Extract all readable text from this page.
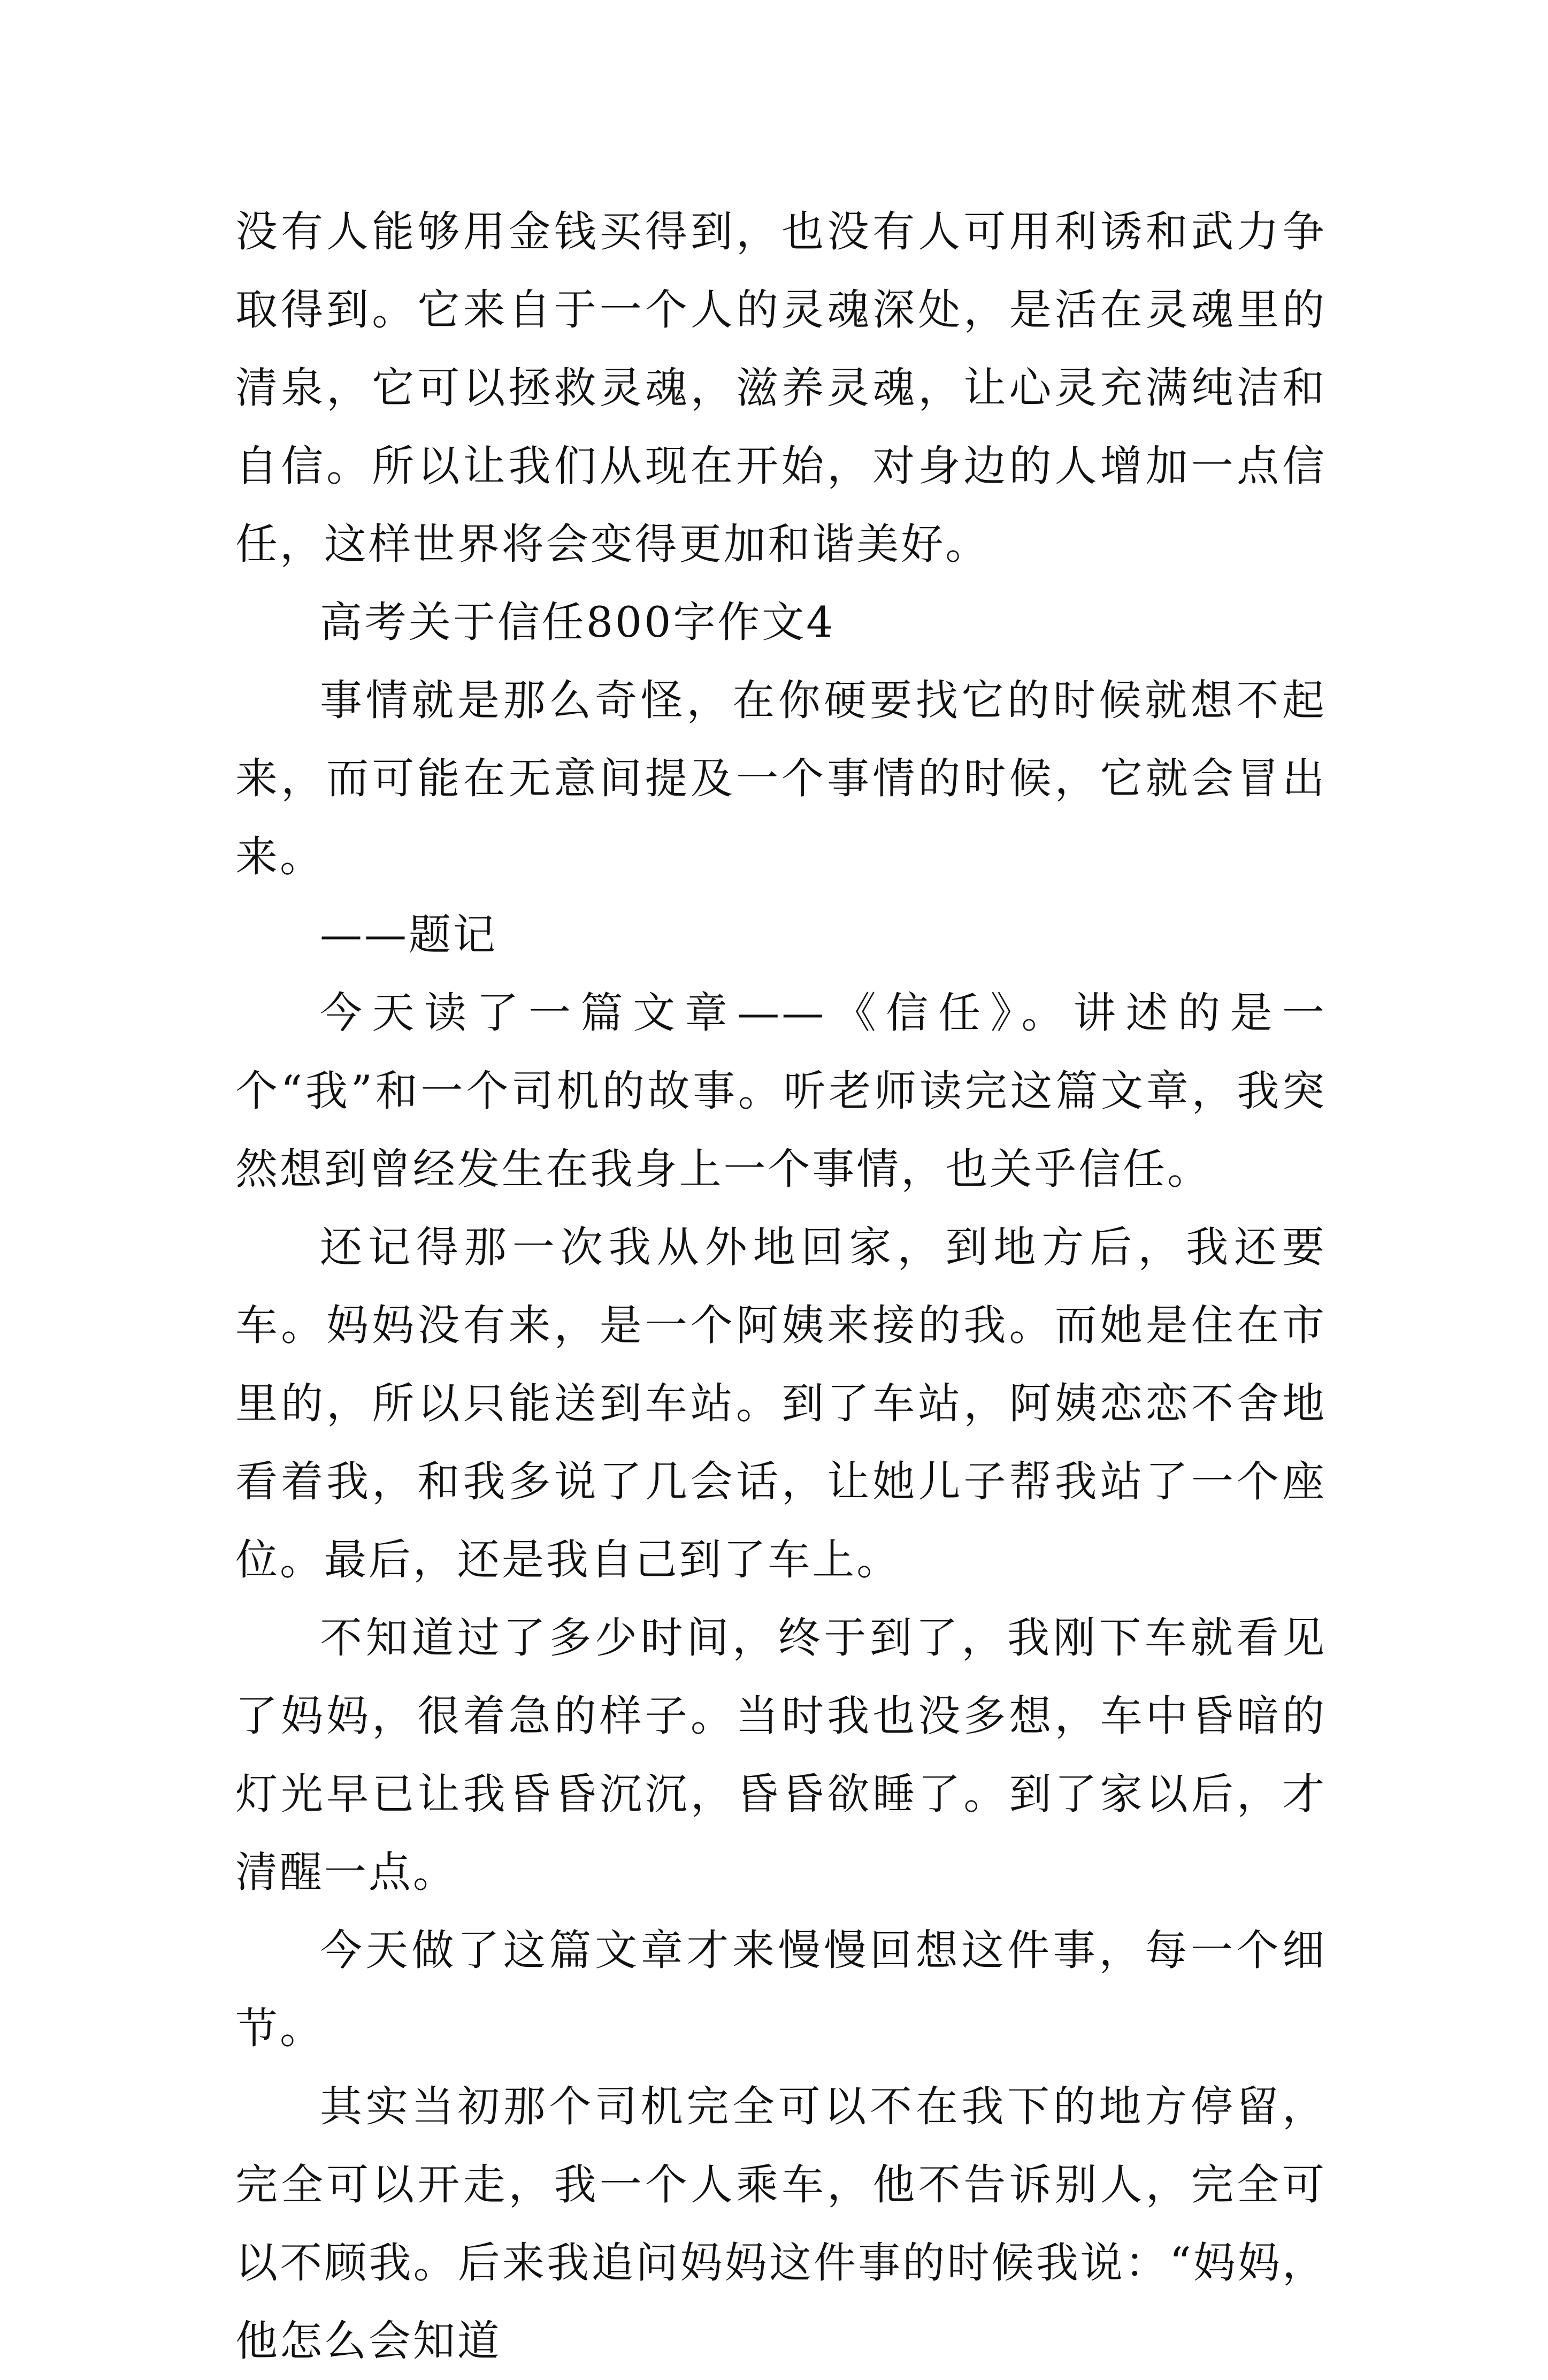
没有人能够用金钱买得到，也没有人可用利诱和武力争取得到。它来自于一个人的灵魂深处，是活在灵魂里的清泉，它可以拯救灵魂，滋养灵魂，让心灵充满纯洁和自信。所以让我们从现在开始，对身边的人增加一点信任，这样世界将会变得更加和谐美好。

高考关于信任800字作文4

事情就是那么奇怪，在你硬要找它的时候就想不起来，而可能在无意间提及一个事情的时候，它就会冒出来。

——题记

今天读了一篇文章——《信任》。讲述的是一个“我”和一个司机的故事。听老师读完这篇文章，我突然想到曾经发生在我身上一个事情，也关乎信任。

还记得那一次我从外地回家，到地方后，我还要车。妈妈没有来，是一个阿姨来接的我。而她是住在市里的，所以只能送到车站。到了车站，阿姨恋恋不舍地看着我，和我多说了几会话，让她儿子帮我站了一个座位。最后，还是我自己到了车上。

不知道过了多少时间，终于到了，我刚下车就看见了妈妈，很着急的样子。当时我也没多想，车中昏暗的灯光早已让我昏昏沉沉，昏昏欲睡了。到了家以后，才清醒一点。

今天做了这篇文章才来慢慢回想这件事，每一个细节。

其实当初那个司机完全可以不在我下的地方停留，完全可以开走，我一个人乘车，他不告诉别人，完全可以不顾我。后来我追问妈妈这件事的时候我说：“妈妈，他怎么会知道
